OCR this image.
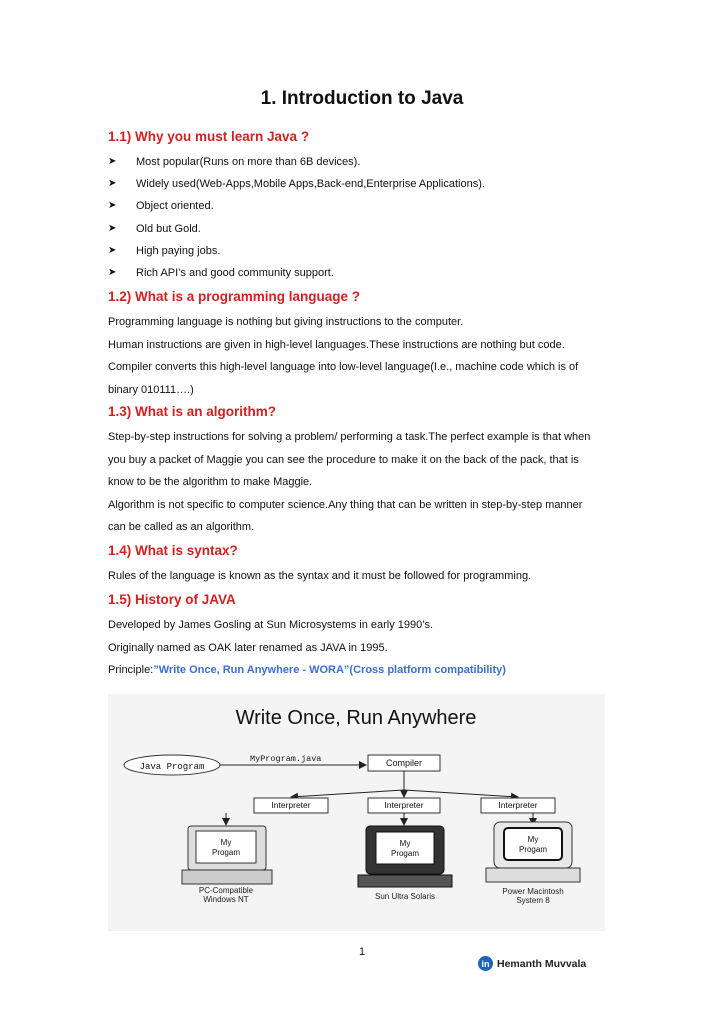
1. Introduction to Java
1.1) Why you must learn Java ?
➤	Most popular(Runs on more than 6B devices).
➤	Widely used(Web-Apps,Mobile Apps,Back-end,Enterprise Applications).
➤	Object oriented.
➤	Old but Gold.
➤	High paying jobs.
➤	Rich API’s and good community support.
1.2) What is a programming language ?
Programming language is nothing but giving instructions to the computer.
Human instructions are given in high-level languages.These instructions are nothing but code.
Compiler converts this high-level language into low-level language(I.e., machine code which is of
binary 010111….)
1.3) What is an algorithm?
Step-by-step instructions for solving a problem/ performing a task.The perfect example is that when
you buy a packet of Maggie you can see the procedure to make it on the back of the pack, that is
know to be the algorithm to make Maggie.
Algorithm is not specific to computer science.Any thing that can be written in step-by-step manner
can be called as an algorithm.
1.4) What is syntax?
Rules of the language is known as the syntax and it must be followed for programming.
1.5) History of JAVA
Developed by James Gosling at Sun Microsystems in early 1990’s.
Originally named as OAK later renamed as JAVA in 1995.
Principle:”Write Once, Run Anywhere - WORA”(Cross platform compatibility)
Write Once, Run Anywhere
Java Program
MyProgram.java	Compiler
Interpreter	Interpreter	Interpreter
My
Progam
PC-Compatible
Windows NT
My
Progam
Sun Ultra Solaris
My
Progam
Power Macintosh
System 8
1
in Hemanth Muvvala
